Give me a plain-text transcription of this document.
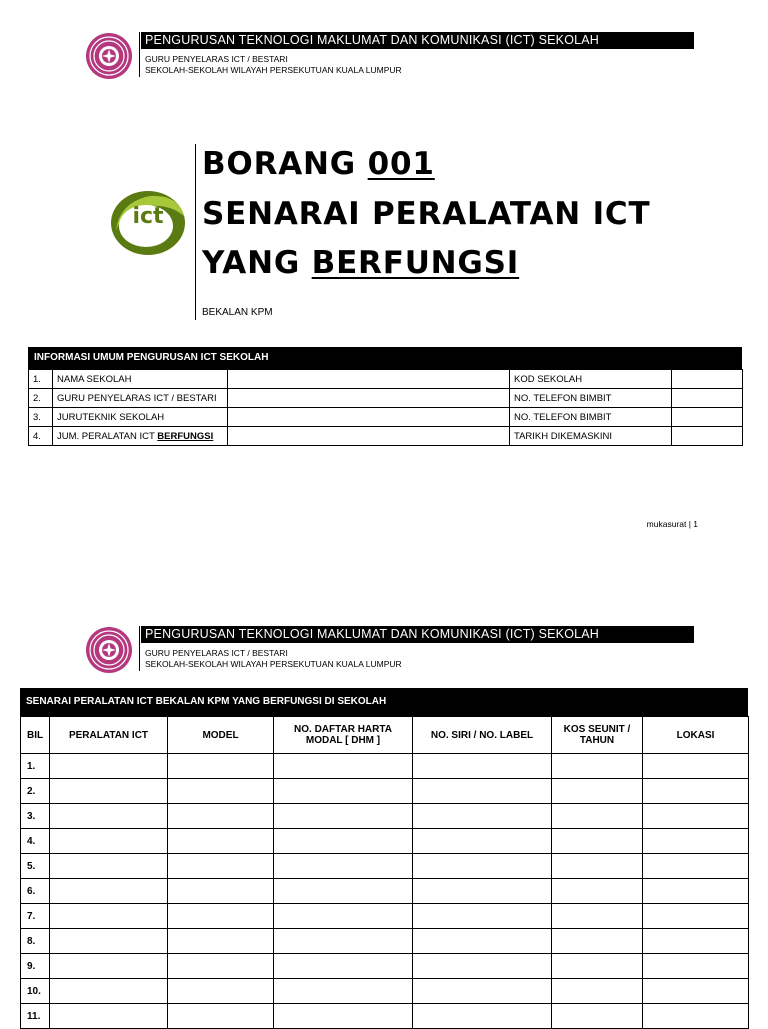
PENGURUSAN TEKNOLOGI MAKLUMAT DAN KOMUNIKASI (ICT) SEKOLAH
GURU PENYELARAS ICT / BESTARI
SEKOLAH-SEKOLAH WILAYAH PERSEKUTUAN KUALA LUMPUR
ict
BORANG 001
SENARAI PERALATAN ICT
YANG BERFUNGSI
BEKALAN KPM
INFORMASI UMUM PENGURUSAN ICT SEKOLAH
1.	NAMA SEKOLAH		KOD SEKOLAH	
2.	GURU PENYELARAS ICT / BESTARI		NO. TELEFON BIMBIT	
3.	JURUTEKNIK SEKOLAH		NO. TELEFON BIMBIT	
4.	JUM. PERALATAN ICT BERFUNGSI		TARIKH DIKEMASKINI	
mukasurat | 1
PENGURUSAN TEKNOLOGI MAKLUMAT DAN KOMUNIKASI (ICT) SEKOLAH
GURU PENYELARAS ICT / BESTARI
SEKOLAH-SEKOLAH WILAYAH PERSEKUTUAN KUALA LUMPUR
SENARAI PERALATAN ICT BEKALAN KPM YANG BERFUNGSI DI SEKOLAH
BIL	PERALATAN ICT	MODEL	NO. DAFTAR HARTA MODAL [ DHM ]	NO. SIRI / NO. LABEL	KOS SEUNIT / TAHUN	LOKASI
1.						
2.						
3.						
4.						
5.						
6.						
7.						
8.						
9.						
10.						
11.						
